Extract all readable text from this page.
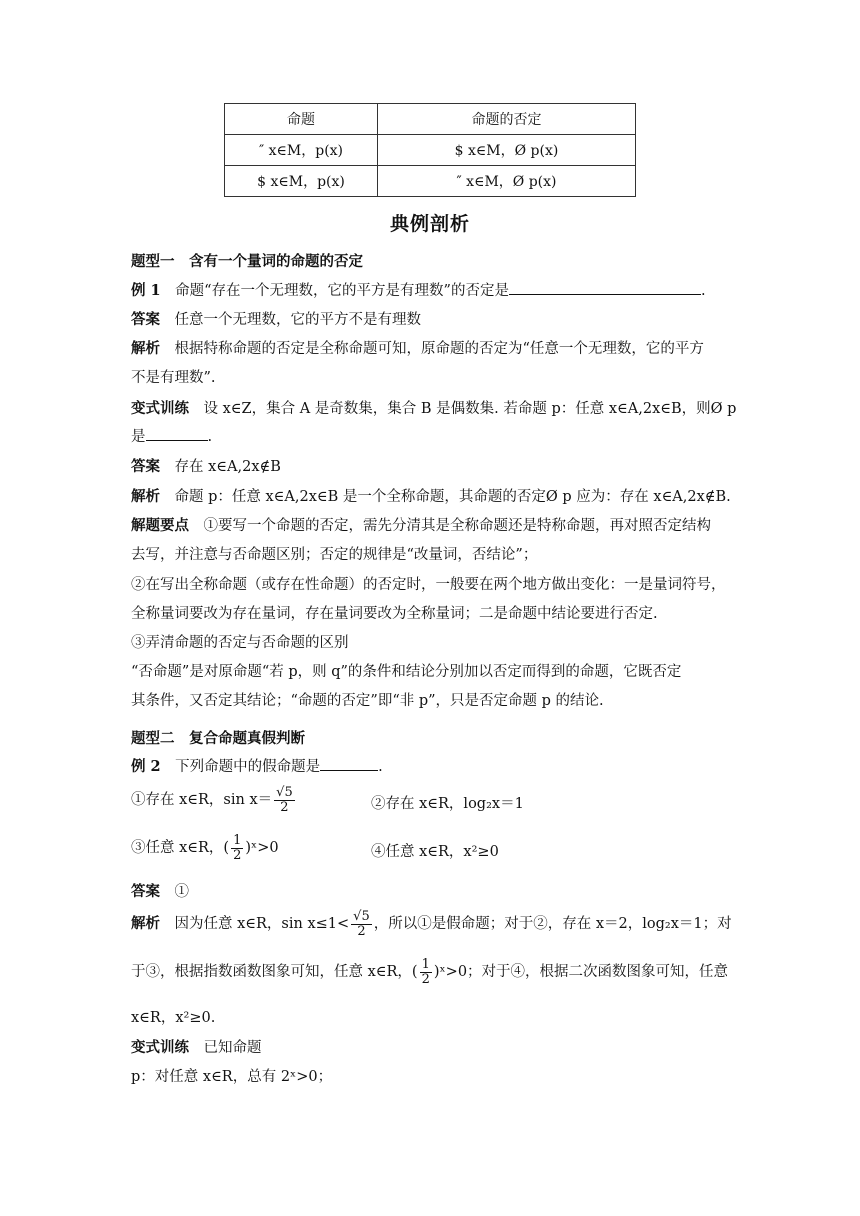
命题	命题的否定
″ x∈M，p(x)	$ x∈M，Ø p(x)
$ x∈M，p(x)	″ x∈M，Ø p(x)
典例剖析
题型一　含有一个量词的命题的否定
例 1　 命题“存在一个无理数，它的平方是有理数”的否定是	.
答案　 任意一个无理数，它的平方不是有理数
解析　 根据特称命题的否定是全称命题可知，原命题的否定为“任意一个无理数，它的平方
不是有理数”.
变式训练　 设 x∈Z，集合 A 是奇数集，集合 B 是偶数集. 若命题 p：任意 x∈A,2x∈B，则Ø p
是	.
答案　 存在 x∈A,2x∉B
解析　 命题 p：任意 x∈A,2x∈B 是一个全称命题，其命题的否定Ø p 应为：存在 x∈A,2x∉B.
解题要点　 ①要写一个命题的否定，需先分清其是全称命题还是特称命题，再对照否定结构
去写，并注意与否命题区别；否定的规律是“改量词，否结论”；
②在写出全称命题（或存在性命题）的否定时，一般要在两个地方做出变化：一是量词符号，
全称量词要改为存在量词，存在量词要改为全称量词；二是命题中结论要进行否定.
③弄清命题的否定与否命题的区别
“否命题”是对原命题“若 p，则 q”的条件和结论分别加以否定而得到的命题，它既否定
其条件，又否定其结论；“命题的否定”即“非 p”，只是否定命题 p 的结论.
题型二　复合命题真假判断
例 2　 下列命题中的假命题是	.
①存在 x∈R，$\sin x= \frac{√5}{2}$	②存在 x∈R，log₂x＝1
③任意 x∈R，( $\frac{1}{2}$ )ˣ>0	④任意 x∈R，x²≥0
答案　 ①
解析　 因为任意 x∈R，$\sin x\le 1< \frac{√5}{2}$ ，所以①是假命题；对于②，存在 x＝2，log₂x＝1；对
于③，根据指数函数图象可知，任意 x∈R，( $\frac{1}{2}$ )ˣ>0；对于④，根据二次函数图象可知，任意
x∈R，x²≥0.
变式训练　 已知命题
p：对任意 x∈R，总有 2ˣ>0；
